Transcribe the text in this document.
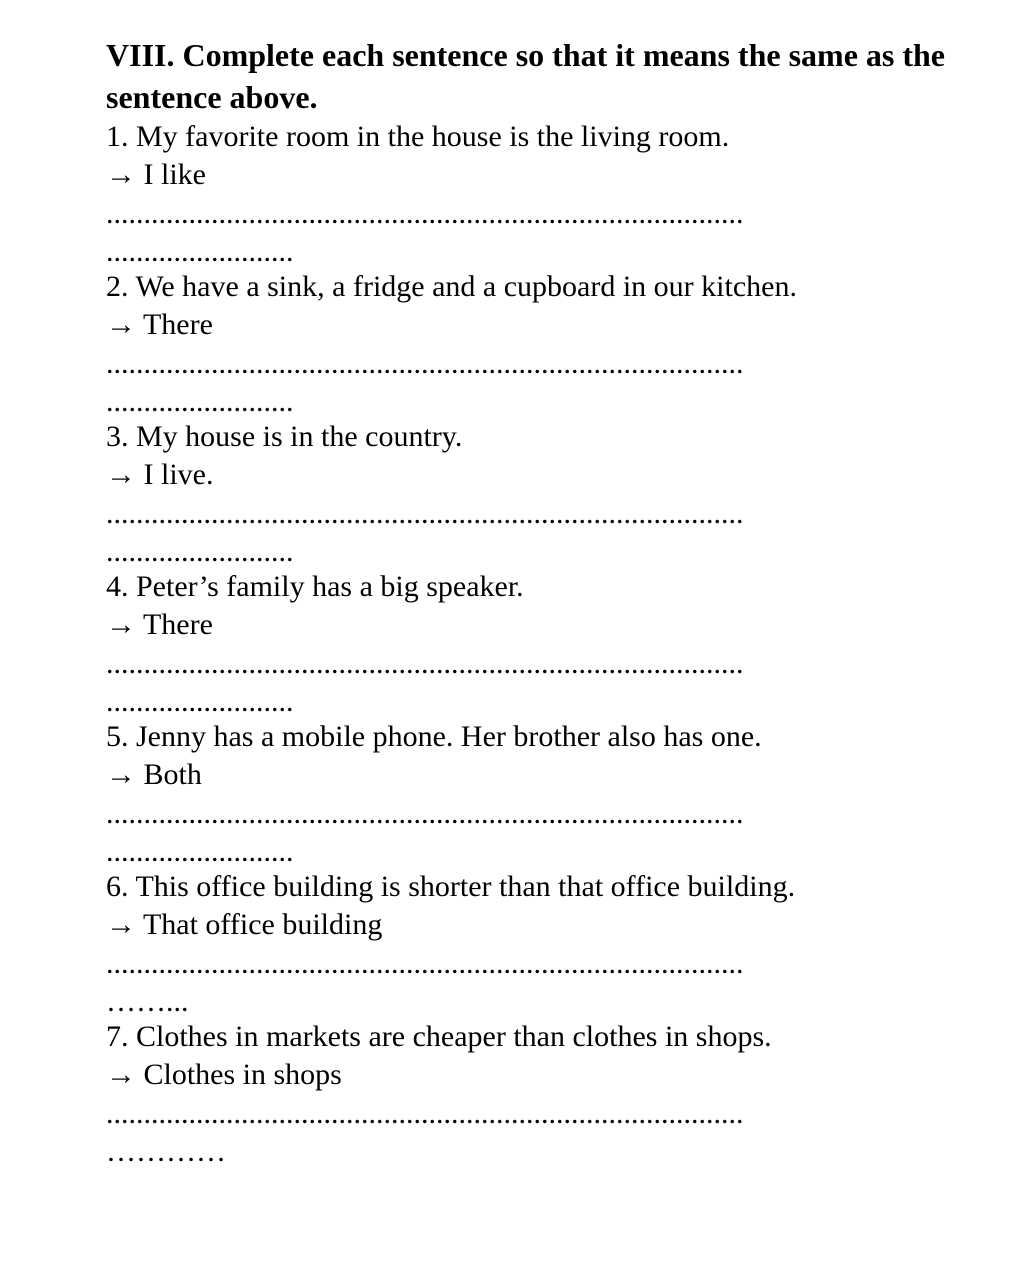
VIII. Complete each sentence so that it means the same as the sentence above.

1. My favorite room in the house is the living room.

→ I like

.....................................................................................

.........................

2. We have a sink, a fridge and a cupboard in our kitchen.

→ There

.....................................................................................

.........................

3. My house is in the country.

→ I live.

.....................................................................................

.........................

4. Peter’s family has a big speaker.

→ There

.....................................................................................

.........................

5. Jenny has a mobile phone. Her brother also has one.

→ Both

.....................................................................................

.........................

6. This office building is shorter than that office building.

→ That office building

.....................................................................................

……...

7. Clothes in markets are cheaper than clothes in shops.

→ Clothes in shops

.....................................................................................

…………
